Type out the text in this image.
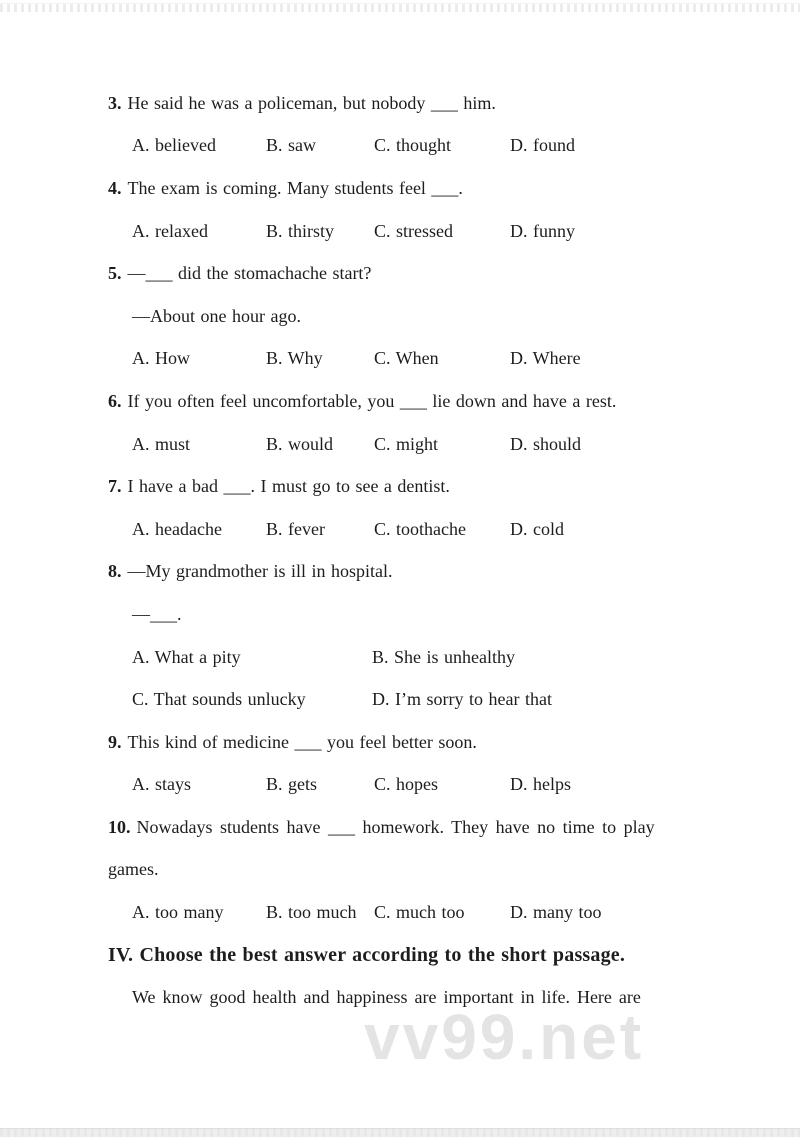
3. He said he was a policeman, but nobody ___ him.
A. believed	B. saw	C. thought	D. found
4. The exam is coming. Many students feel ___.
A. relaxed	B. thirsty	C. stressed	D. funny
5. —___ did the stomachache start?
—About one hour ago.
A. How	B. Why	C. When	D. Where
6. If you often feel uncomfortable, you ___ lie down and have a rest.
A. must	B. would	C. might	D. should
7. I have a bad ___. I must go to see a dentist.
A. headache	B. fever	C. toothache	D. cold
8. —My grandmother is ill in hospital.
—___.
A. What a pity	B. She is unhealthy
C. That sounds unlucky	D. I’m sorry to hear that
9. This kind of medicine ___ you feel better soon.
A. stays	B. gets	C. hopes	D. helps
10. Nowadays students have ___ homework. They have no time to play
games.
A. too many	B. too much C. much too	D. many too
IV. Choose the best answer according to the short passage.
We know good health and happiness are important in life. Here are
vv99.net
